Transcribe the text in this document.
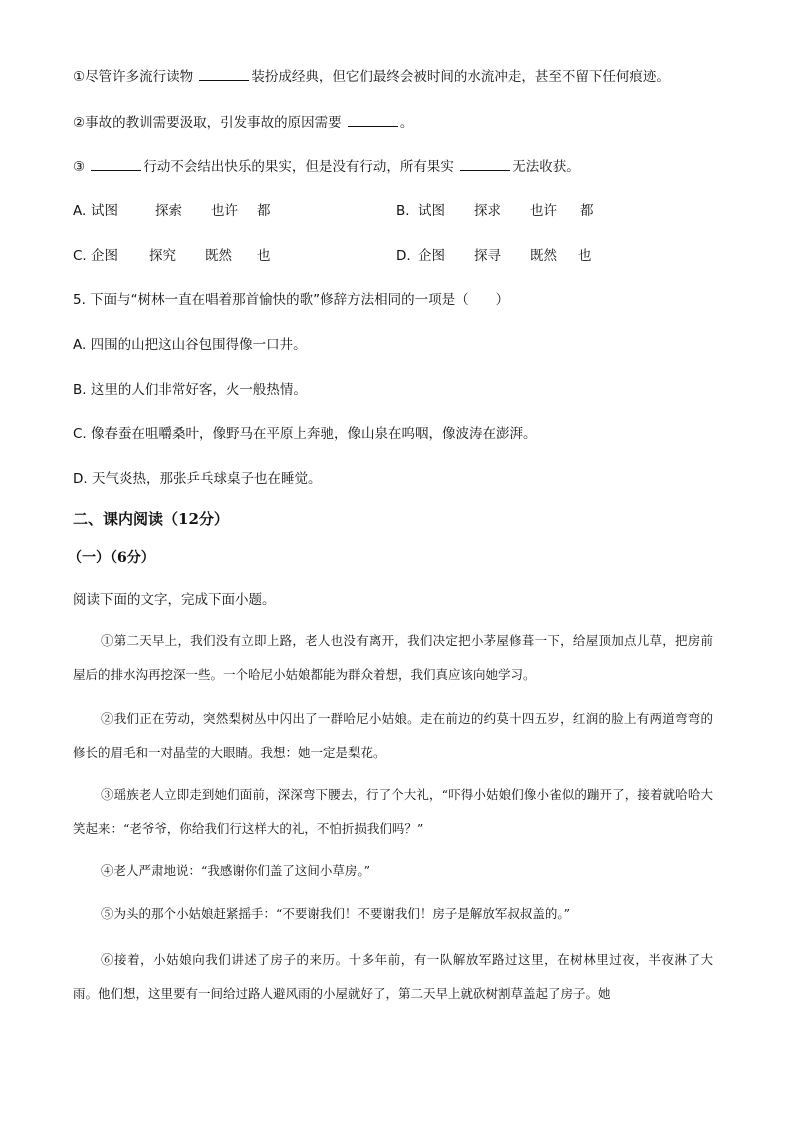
①尽管许多流行读物	装扮成经典，但它们最终会被时间的水流冲走，甚至不留下任何痕迹。
②事故的教训需要汲取，引发事故的原因需要	。
③	行动不会结出快乐的果实，但是没有行动，所有果实	无法收获。
A. 试图	探索 也许 都	B. 试图 探求 也许 都
C. 企图 探究 既然 也	D. 企图 探寻 既然 也
5. 下面与“树林一直在唱着那首愉快的歌”修辞方法相同的一项是（　　）
A. 四围的山把这山谷包围得像一口井。
B. 这里的人们非常好客，火一般热情。
C. 像春蚕在咀嚼桑叶，像野马在平原上奔驰，像山泉在呜咽，像波涛在澎湃。
D. 天气炎热，那张乒乓球桌子也在睡觉。
二、课内阅读（12分）
（一）（6分）
阅读下面的文字，完成下面小题。
①第二天早上，我们没有立即上路，老人也没有离开，我们决定把小茅屋修葺一下，给屋顶加点儿草，把房前屋后的排水沟再挖深一些。一个哈尼小姑娘都能为群众着想，我们真应该向她学习。
②我们正在劳动，突然梨树丛中闪出了一群哈尼小姑娘。走在前边的约莫十四五岁，红润的脸上有两道弯弯的修长的眉毛和一对晶莹的大眼睛。我想：她一定是梨花。
③瑶族老人立即走到她们面前，深深弯下腰去，行了个大礼，“吓得小姑娘们像小雀似的蹦开了，接着就哈哈大笑起来：“老爷爷，你给我们行这样大的礼，不怕折损我们吗？”
④老人严肃地说：“我感谢你们盖了这间小草房。”
⑤为头的那个小姑娘赶紧摇手：“不要谢我们！不要谢我们！房子是解放军叔叔盖的。”
⑥接着，小姑娘向我们讲述了房子的来历。十多年前，有一队解放军路过这里，在树林里过夜，半夜淋了大雨。他们想，这里要有一间给过路人避风雨的小屋就好了，第二天早上就砍树割草盖起了房子。她
